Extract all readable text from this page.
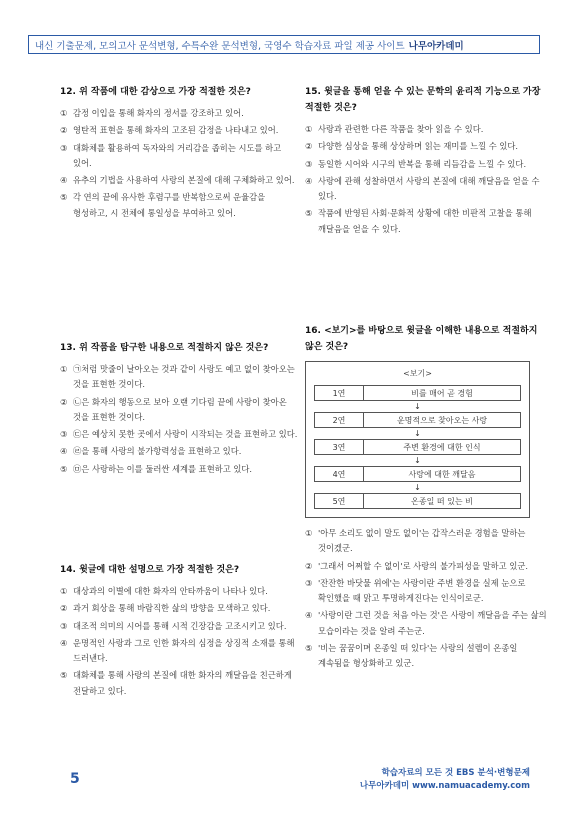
내신 기출문제, 모의고사 문석변형, 수특수완 문석변형, 국영수 학습자료 파일 제공 사이트 나무아카데미
12. 위 작품에 대한 감상으로 가장 적절한 것은?
① 감정 이입을 통해 화자의 정서를 강조하고 있어.
② 영탄적 표현을 통해 화자의 고조된 감정을 나타내고 있어.
③ 대화체를 활용하여 독자와의 거리감을 좁히는 시도를 하고 있어.
④ 유추의 기법을 사용하여 사랑의 본질에 대해 구체화하고 있어.
⑤ 각 연의 끝에 유사한 후렴구를 반복함으로써 운율감을 형성하고, 시 전체에 통일성을 부여하고 있어.
13. 위 작품을 탐구한 내용으로 적절하지 않은 것은?
① ㉠처럼 맛줄이 날아오는 것과 같이 사랑도 예고 없이 찾아오는 것을 표현한 것이다.
② ㉡은 화자의 행동으로 보아 오랜 기다림 끝에 사랑이 찾아온 것을 표현한 것이다.
③ ㉢은 예상치 못한 곳에서 사랑이 시작되는 것을 표현하고 있다.
④ ㉣을 통해 사랑의 불가항력성을 표현하고 있다.
⑤ ㉤은 사랑하는 이를 둘러싼 세계를 표현하고 있다.
14. 윗글에 대한 설명으로 가장 적절한 것은?
① 대상과의 이별에 대한 화자의 안타까움이 나타나 있다.
② 과거 회상을 통해 바람직한 삶의 방향을 모색하고 있다.
③ 대조적 의미의 시어를 통해 시적 긴장감을 고조시키고 있다.
④ 운명적인 사랑과 그로 인한 화자의 심정을 상징적 소재를 통해 드러낸다.
⑤ 대화체를 통해 사랑의 본질에 대한 화자의 깨달음을 친근하게 전달하고 있다.
15. 윗글을 통해 얻을 수 있는 문학의 윤리적 기능으로 가장 적절한 것은?
① 사랑과 관련한 다른 작품을 찾아 읽을 수 있다.
② 다양한 심상을 통해 상상하며 읽는 재미를 느낄 수 있다.
③ 동일한 시어와 시구의 반복을 통해 리듬감을 느낄 수 있다.
④ 사랑에 관해 성찰하면서 사랑의 본질에 대해 깨달음을 얻을 수 있다.
⑤ 작품에 반영된 사회·문화적 상황에 대한 비판적 고찰을 통해 깨달음을 얻을 수 있다.
16. <보기>를 바탕으로 윗글을 이해한 내용으로 적절하지 않은 것은?
<보기>
1연	비를 매어 곧 경험
↓
2연	운명적으로 찾아오는 사랑
↓
3연	주변 환경에 대한 인식
↓
4연	사랑에 대한 깨달음
↓
5연	온종일 떠 있는 비
① '아무 소리도 없이 말도 없이'는 갑작스러운 경험을 말하는 것이겠군.
② '그래서 어쩌할 수 없이'로 사랑의 불가피성을 말하고 있군.
③ '잔잔한 바닷물 위에'는 사랑이란 주변 환경을 실제 눈으로 확인했을 때 맑고 투명하게진다는 인식이로군.
④ '사랑이란 그런 것을 처음 아는 것'은 사랑이 깨달음을 주는 삶의 모습이라는 것을 알려 주는군.
⑤ '비는 꿈꿈이며 온종일 떠 있다'는 사랑의 설렘이 온종일 계속됨을 형상화하고 있군.
5	학습자료의 모든 것 EBS 분석·변형문제
나무아카데미 www.namuacademy.com
